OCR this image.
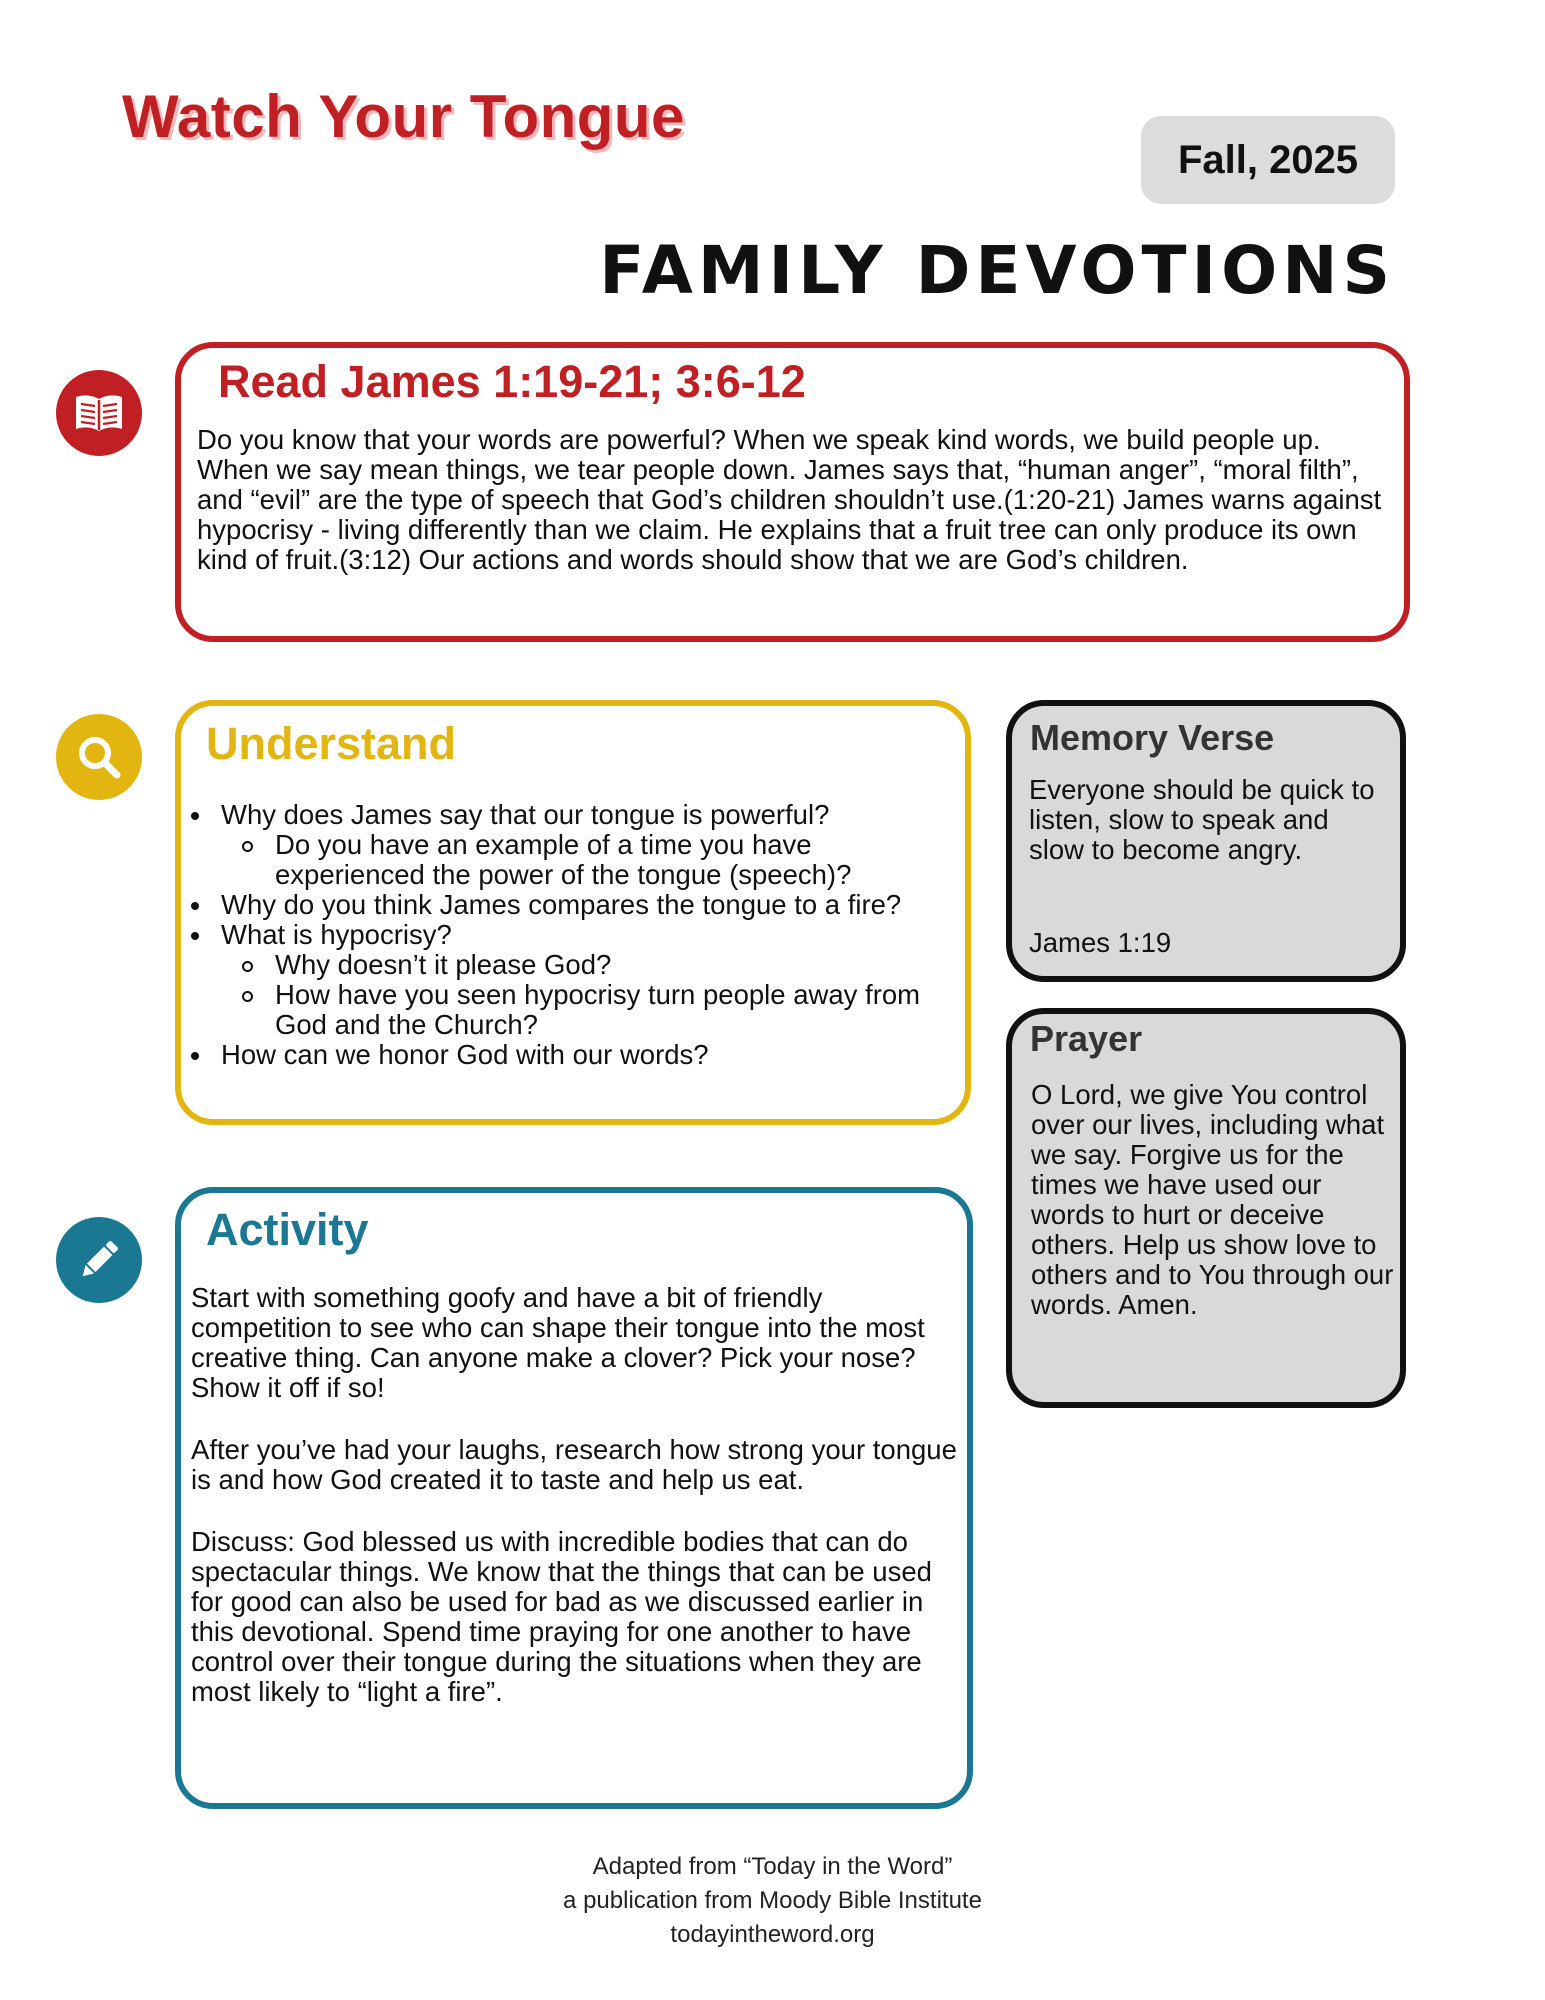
Watch Your Tongue
Fall, 2025
FAMILY DEVOTIONS
Read James 1:19-21; 3:6-12
Do you know that your words are powerful? When we speak kind words, we build people up. When we say mean things, we tear people down. James says that, “human anger”, “moral filth”, and “evil” are the type of speech that God’s children shouldn’t use.(1:20-21) James warns against hypocrisy - living differently than we claim. He explains that a fruit tree can only produce its own kind of fruit.(3:12) Our actions and words should show that we are God’s children.
Understand
Why does James say that our tongue is powerful?
Do you have an example of a time you have experienced the power of the tongue (speech)?
Why do you think James compares the tongue to a fire?
What is hypocrisy?
Why doesn’t it please God?
How have you seen hypocrisy turn people away from God and the Church?
How can we honor God with our words?
Activity

Start with something goofy and have a bit of friendly competition to see who can shape their tongue into the most creative thing. Can anyone make a clover? Pick your nose? Show it off if so!

After you’ve had your laughs, research how strong your tongue is and how God created it to taste and help us eat.

Discuss: God blessed us with incredible bodies that can do spectacular things. We know that the things that can be used for good can also be used for bad as we discussed earlier in this devotional. Spend time praying for one another to have control over their tongue during the situations when they are most likely to “light a fire”.

Memory Verse
Everyone should be quick to listen, slow to speak and slow to become angry.
James 1:19
Prayer
O Lord, we give You control over our lives, including what we say. Forgive us for the times we have used our words to hurt or deceive others. Help us show love to others and to You through our words. Amen.
Adapted from “Today in the Word”
a publication from Moody Bible Institute
todayintheword.org
